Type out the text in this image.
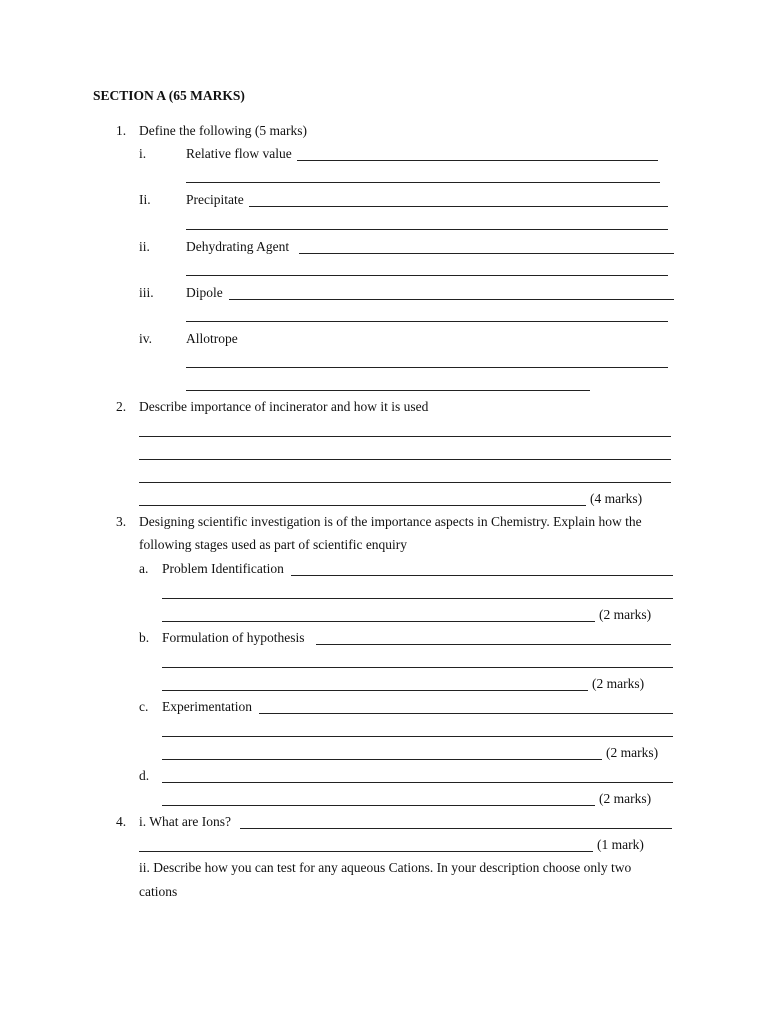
SECTION A (65 MARKS)
1. Define the following (5 marks)
i.	Relative flow value
Ii.	Precipitate
ii.	Dehydrating Agent
iii. Dipole
iv.	Allotrope
2. Describe importance of incinerator and how it is used
(4 marks)
3. Designing scientific investigation is of the importance aspects in Chemistry. Explain how the
following stages used as part of scientific enquiry
a. Problem Identification
(2 marks)
b. Formulation of hypothesis
(2 marks)
c. Experimentation
(2 marks)
d.
(2 marks)
4. i. What are Ions?
(1 mark)
ii. Describe how you can test for any aqueous Cations. In your description choose only two
cations
